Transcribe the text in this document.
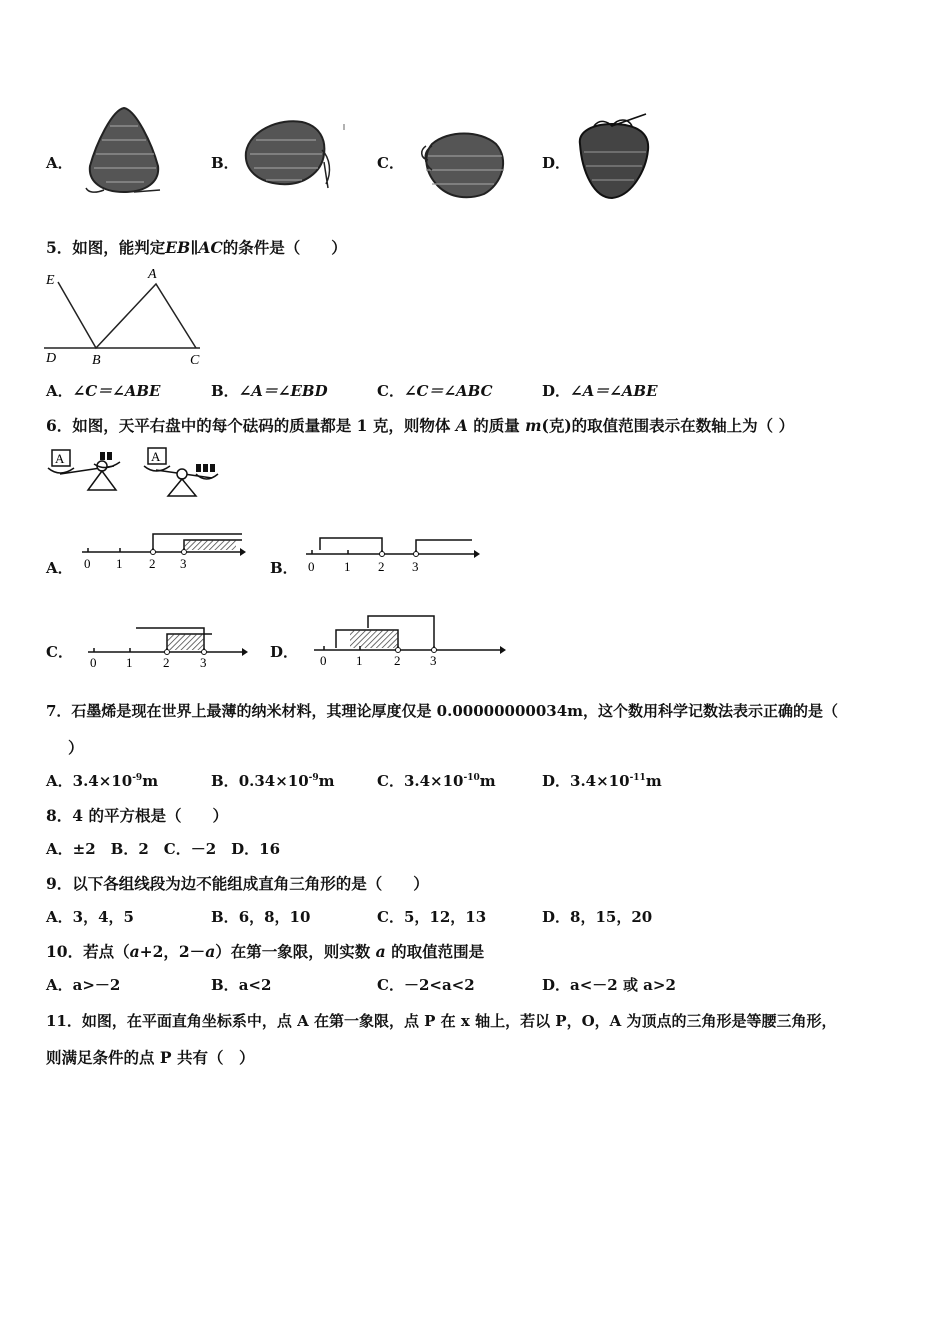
A．	B．	C．	D．
5．如图，能判定EB∥AC的条件是（　　）
E	A
D	B	C
A．∠C＝∠ABE	B．∠A＝∠EBD	C．∠C＝∠ABC	D．∠A＝∠ABE
6．如图，天平右盘中的每个砝码的质量都是 1 克，则物体 A 的质量 m(克)的取值范围表示在数轴上为（ ）
A	A
A． 0 1 2 3	B． 0 1 2 3
C．
0 1 2 3
D． 0 1 2 3
7．石墨烯是现在世界上最薄的纳米材料，其理论厚度仅是 0.00000000034m，这个数用科学记数法表示正确的是（
）
A．$3.4\times 10^{-9}m$	B．$0.34\times 10^{-9}m$	C．$3.4\times 10^{-10}m$	D．$3.4\times 10^{-11}m$
8．4 的平方根是（　　）
A．±2　B．2　C．－2　D．16
9．以下各组线段为边不能组成直角三角形的是（　　）
A．3，4，5	B．6，8，10	C．5，12，13	D．8，15，20
10．若点（a+2，2－a）在第一象限，则实数 a 的取值范围是
A．a>－2	B．a<2	C．－2<a<2	D．a<－2 或 a>2
11．如图，在平面直角坐标系中，点 A 在第一象限，点 P 在 x 轴上，若以 P，O，A 为顶点的三角形是等腰三角形，
则满足条件的点 P 共有（　）
